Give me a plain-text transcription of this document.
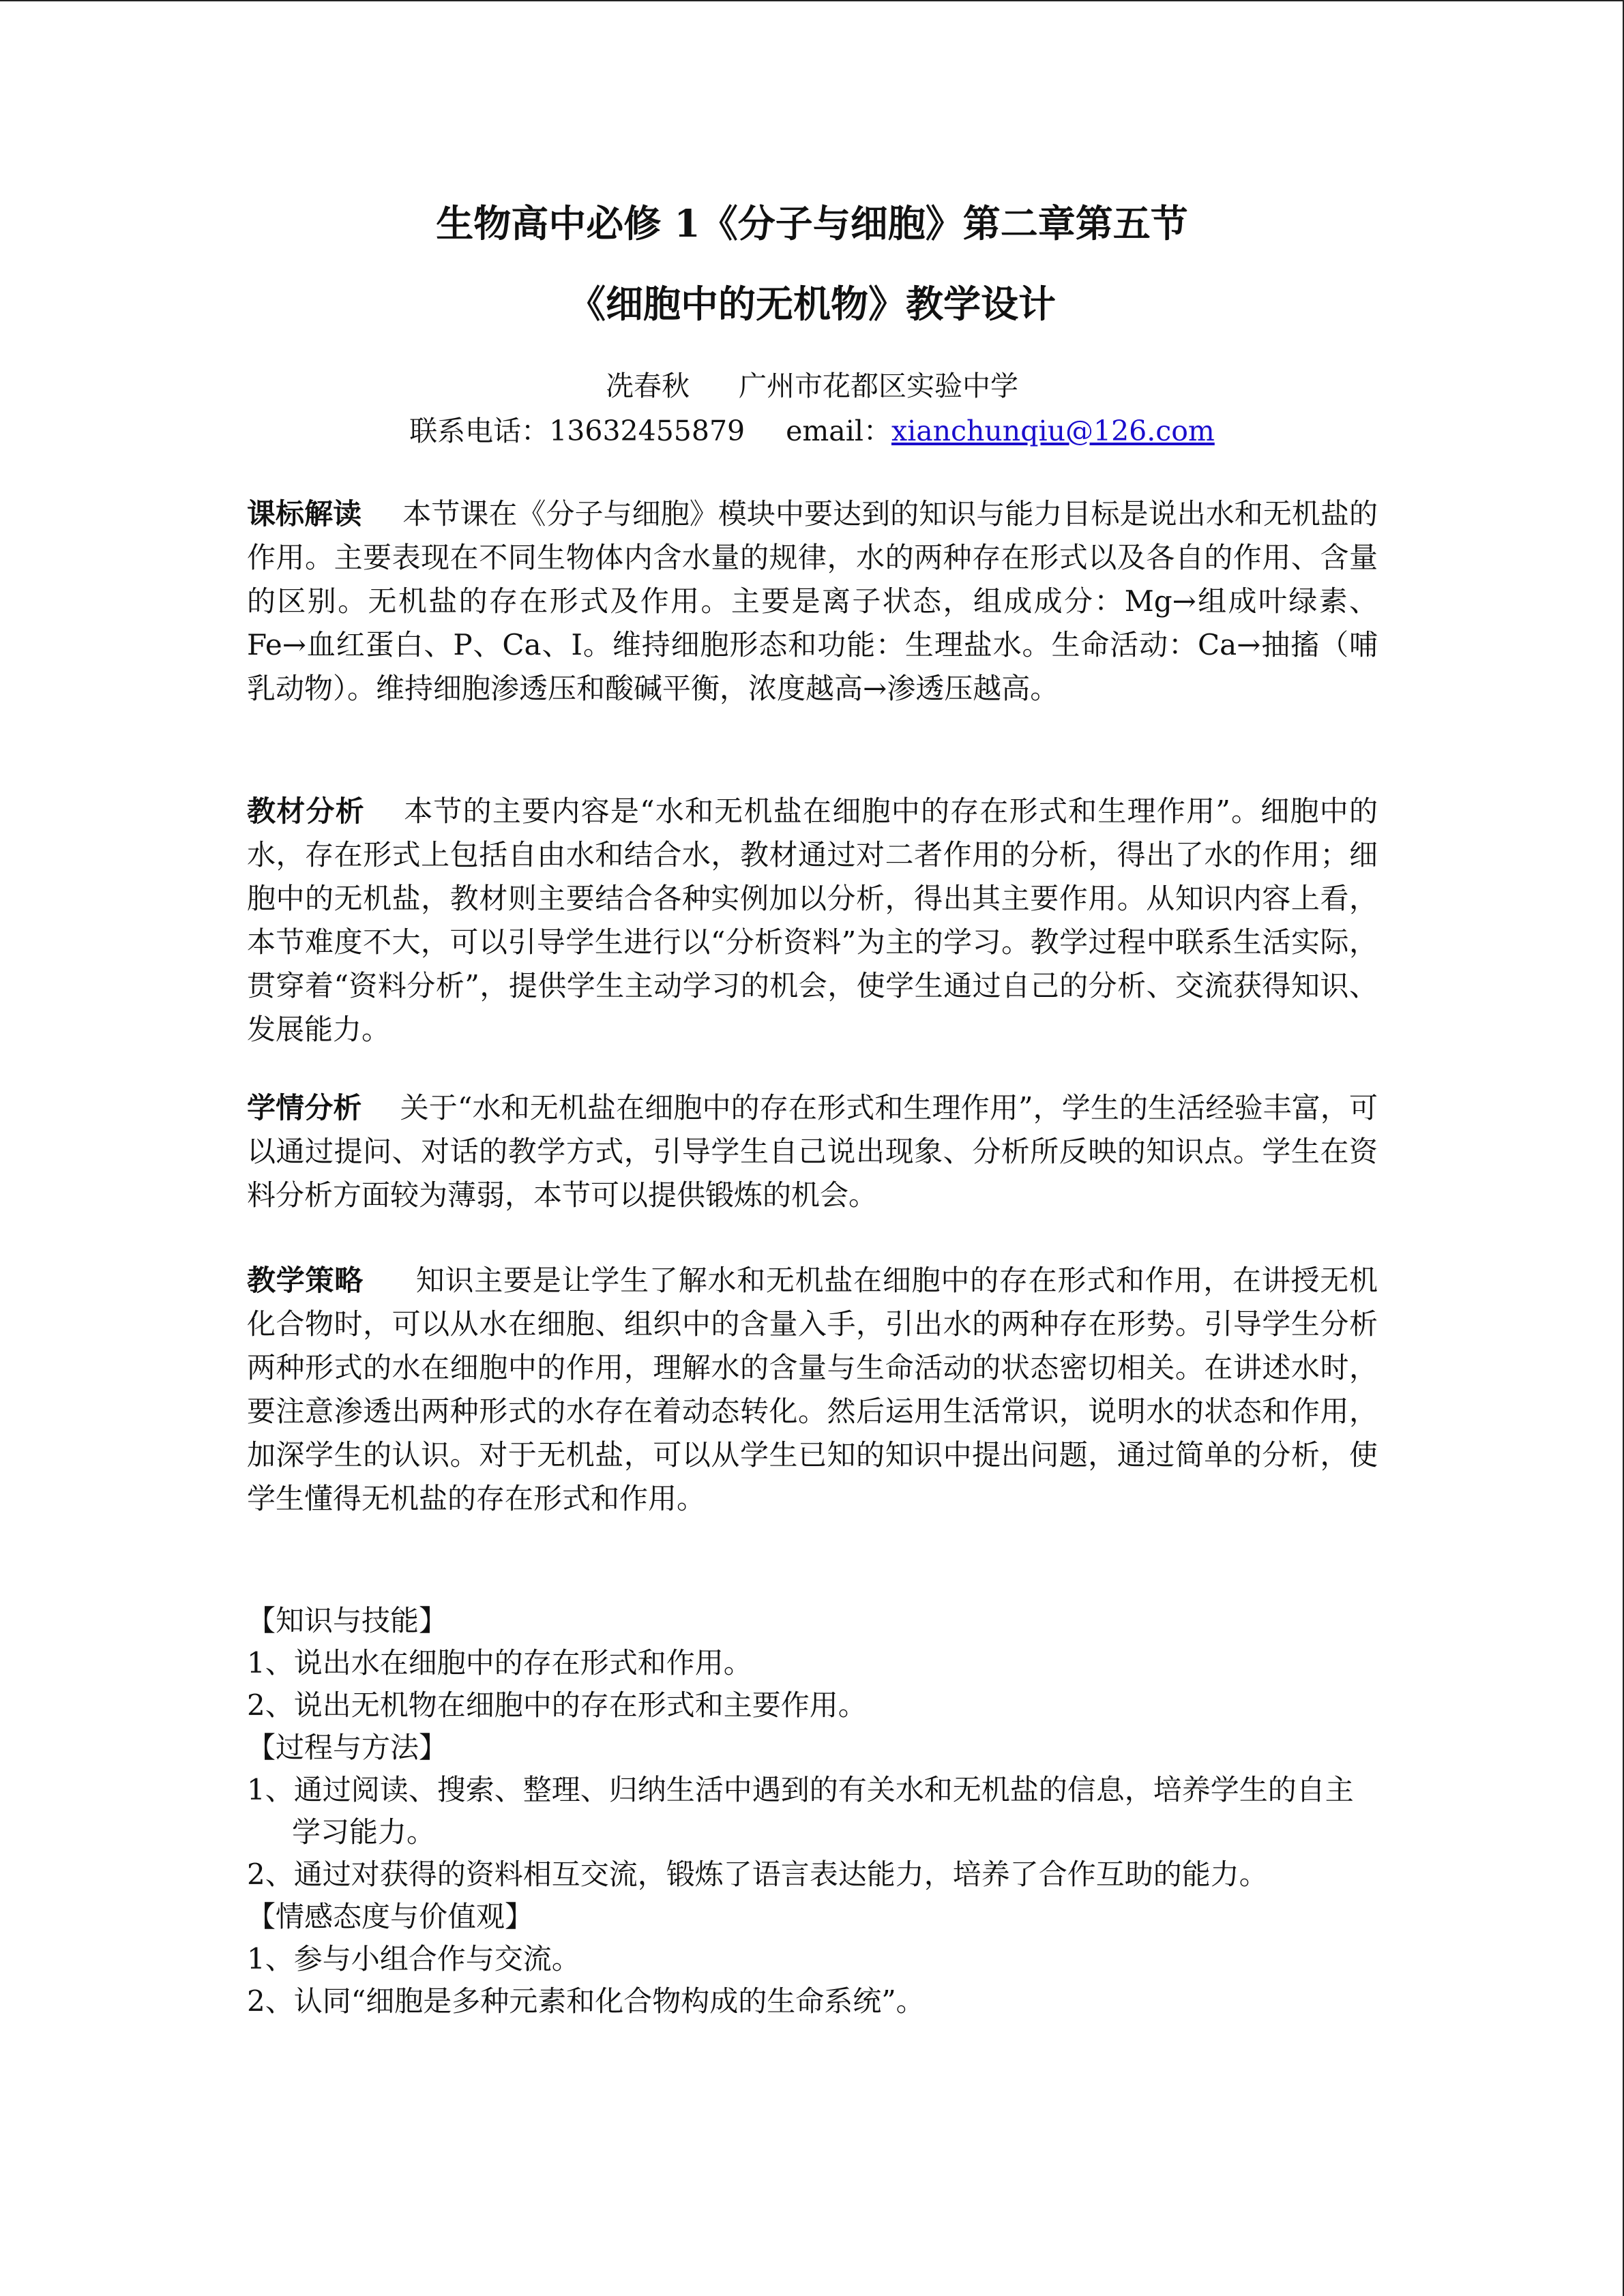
生物高中必修 1《分子与细胞》第二章第五节
《细胞中的无机物》教学设计
冼春秋 广州市花都区实验中学
联系电话：13632455879 email：xianchunqiu@126.com
课标解读 本节课在《分子与细胞》模块中要达到的知识与能力目标是说出水和无机盐的作用。主要表现在不同生物体内含水量的规律，水的两种存在形式以及各自的作用、含量的区别。无机盐的存在形式及作用。主要是离子状态，组成成分：Mg→组成叶绿素、Fe→血红蛋白、P、Ca、I。维持细胞形态和功能：生理盐水。生命活动：Ca→抽搐（哺乳动物）。维持细胞渗透压和酸碱平衡，浓度越高→渗透压越高。
教材分析 本节的主要内容是“水和无机盐在细胞中的存在形式和生理作用”。细胞中的水，存在形式上包括自由水和结合水，教材通过对二者作用的分析，得出了水的作用；细胞中的无机盐，教材则主要结合各种实例加以分析，得出其主要作用。从知识内容上看，本节难度不大，可以引导学生进行以“分析资料”为主的学习。教学过程中联系生活实际，贯穿着“资料分析”，提供学生主动学习的机会，使学生通过自己的分析、交流获得知识、发展能力。
学情分析 关于“水和无机盐在细胞中的存在形式和生理作用”，学生的生活经验丰富，可以通过提问、对话的教学方式，引导学生自己说出现象、分析所反映的知识点。学生在资料分析方面较为薄弱，本节可以提供锻炼的机会。
教学策略 知识主要是让学生了解水和无机盐在细胞中的存在形式和作用，在讲授无机化合物时，可以从水在细胞、组织中的含量入手，引出水的两种存在形势。引导学生分析两种形式的水在细胞中的作用，理解水的含量与生命活动的状态密切相关。在讲述水时，要注意渗透出两种形式的水存在着动态转化。然后运用生活常识，说明水的状态和作用，加深学生的认识。对于无机盐，可以从学生已知的知识中提出问题，通过简单的分析，使学生懂得无机盐的存在形式和作用。
【知识与技能】
1、说出水在细胞中的存在形式和作用。
2、说出无机物在细胞中的存在形式和主要作用。
【过程与方法】
1、通过阅读、搜索、整理、归纳生活中遇到的有关水和无机盐的信息，培养学生的自主学习能力。
2、通过对获得的资料相互交流，锻炼了语言表达能力，培养了合作互助的能力。
【情感态度与价值观】
1、参与小组合作与交流。
2、认同“细胞是多种元素和化合物构成的生命系统”。
